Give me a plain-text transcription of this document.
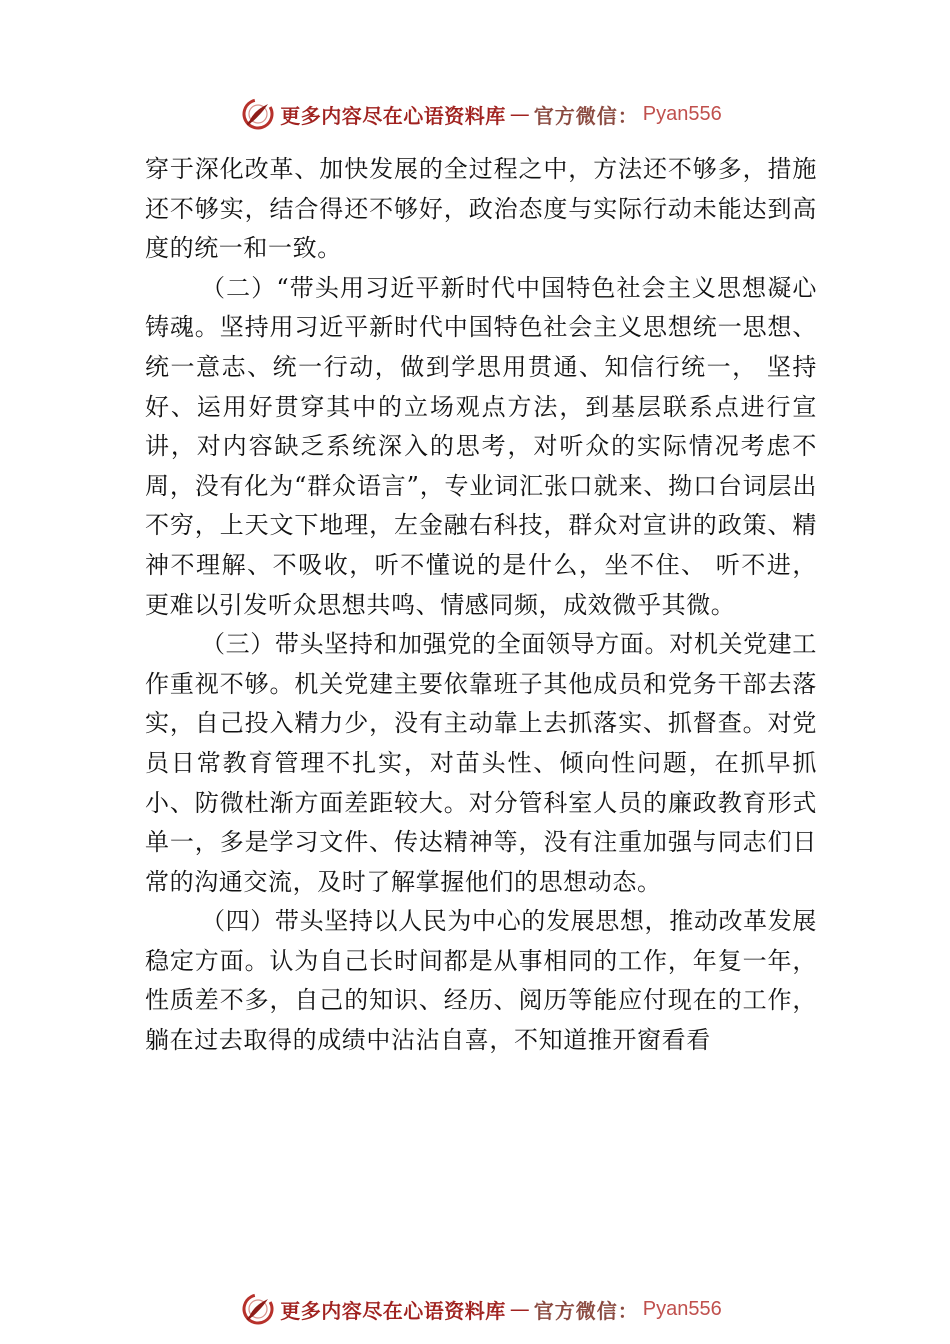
更多内容尽在心语资料库 — 官方微信： Pyan556

穿于深化改革、加快发展的全过程之中，方法还不够多，措施还不够实，结合得还不够好，政治态度与实际行动未能达到高度的统一和一致。

（二）“带头用习近平新时代中国特色社会主义思想凝心铸魂。坚持用习近平新时代中国特色社会主义思想统一思想、统一意志、统一行动，做到学思用贯通、知信行统一， 坚持好、运用好贯穿其中的立场观点方法，到基层联系点进行宣讲，对内容缺乏系统深入的思考，对听众的实际情况考虑不周，没有化为“群众语言”，专业词汇张口就来、拗口台词层出不穷，上天文下地理，左金融右科技，群众对宣讲的政策、精神不理解、不吸收，听不懂说的是什么，坐不住、 听不进，更难以引发听众思想共鸣、情感同频，成效微乎其微。

（三）带头坚持和加强党的全面领导方面。对机关党建工作重视不够。机关党建主要依靠班子其他成员和党务干部去落实，自己投入精力少，没有主动靠上去抓落实、抓督查。对党员日常教育管理不扎实，对苗头性、倾向性问题，在抓早抓小、防微杜渐方面差距较大。对分管科室人员的廉政教育形式单一，多是学习文件、传达精神等，没有注重加强与同志们日常的沟通交流，及时了解掌握他们的思想动态。

（四）带头坚持以人民为中心的发展思想，推动改革发展稳定方面。认为自己长时间都是从事相同的工作，年复一年，性质差不多，自己的知识、经历、阅历等能应付现在的工作，躺在过去取得的成绩中沾沾自喜，不知道推开窗看看

更多内容尽在心语资料库 — 官方微信： Pyan556
